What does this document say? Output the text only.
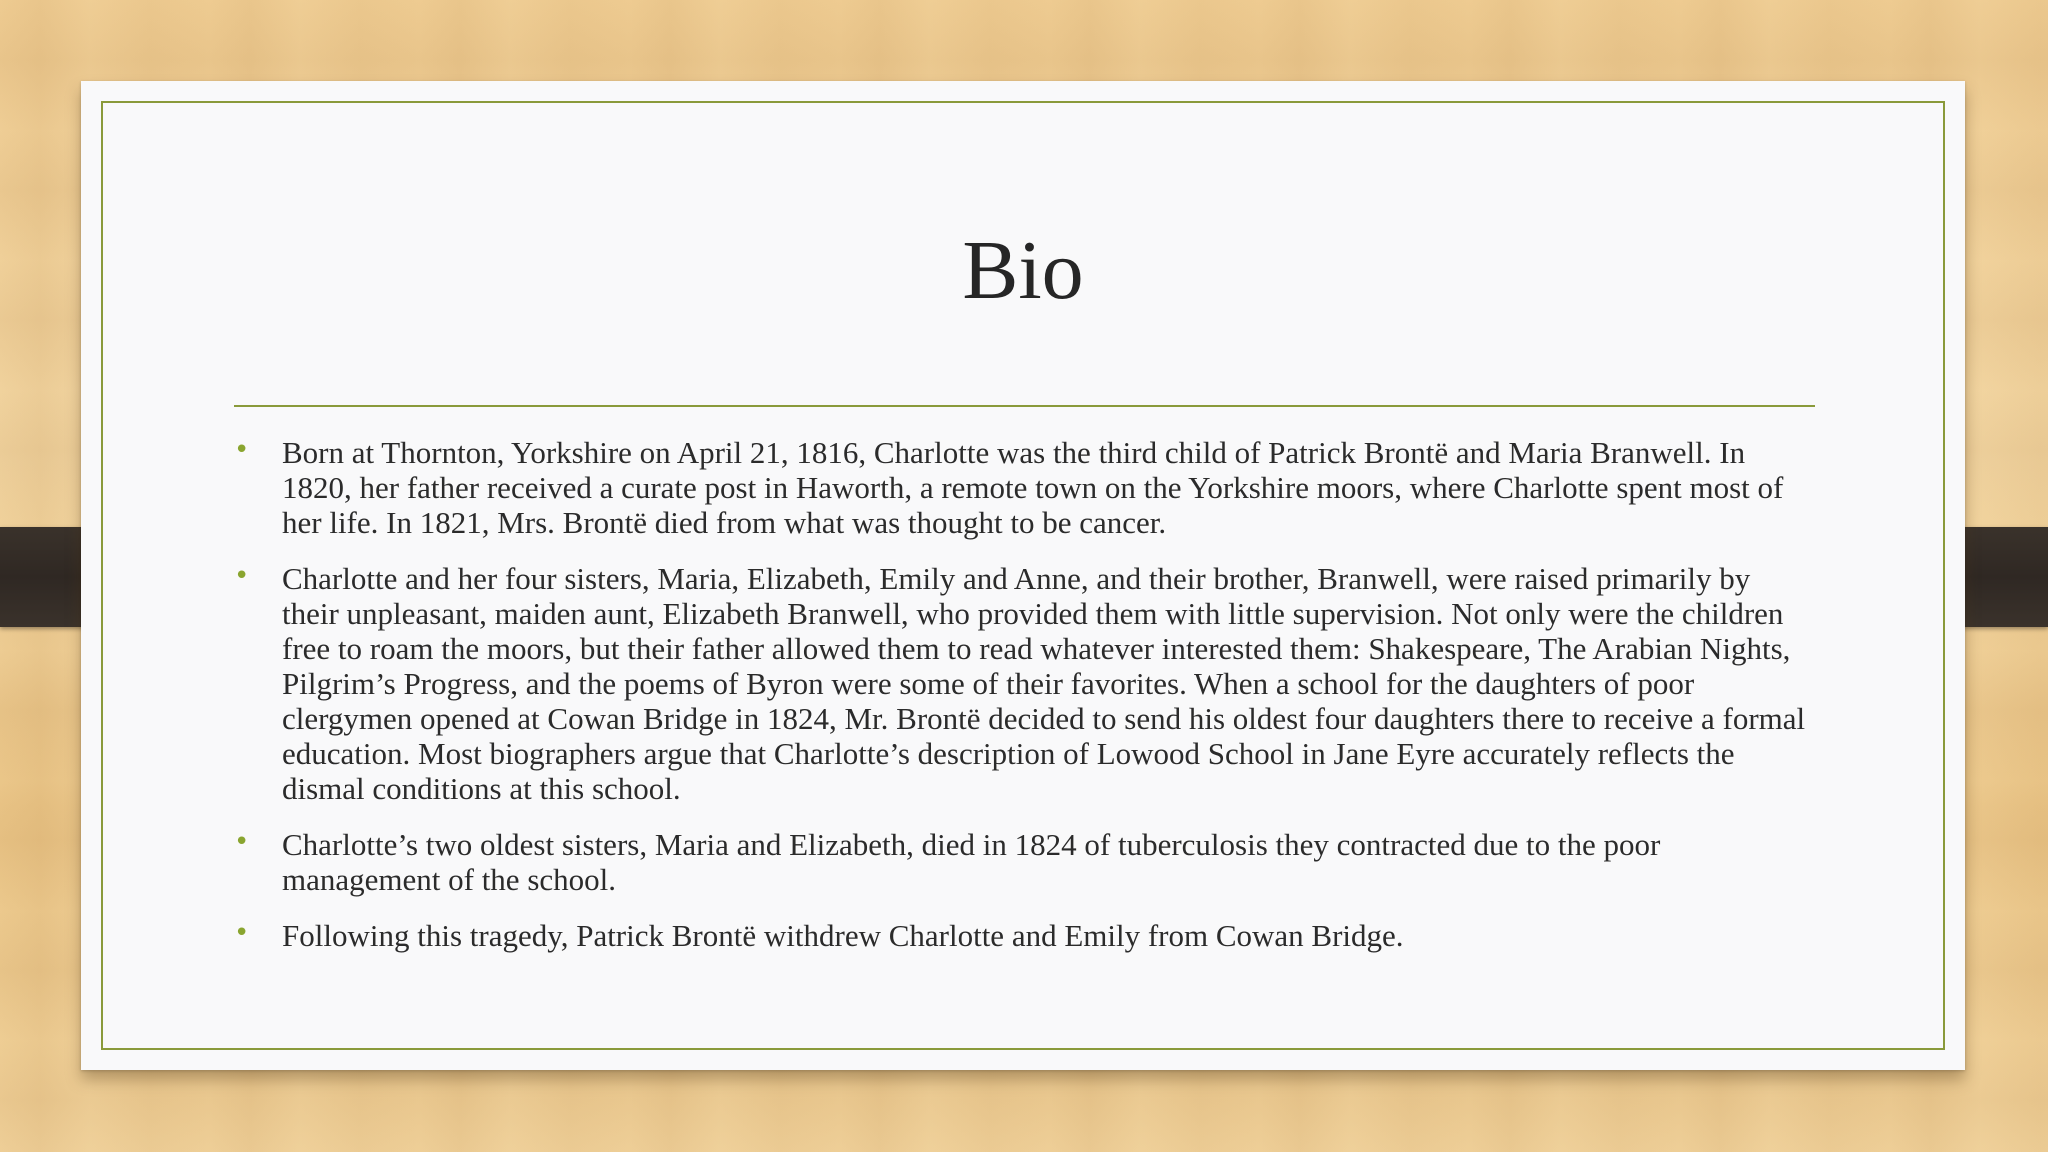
Bio
• Born at Thornton, Yorkshire on April 21, 1816, Charlotte was the third child of Patrick Brontë and Maria Branwell. In 1820, her father received a curate post in Haworth, a remote town on the Yorkshire moors, where Charlotte spent most of her life. In 1821, Mrs. Brontë died from what was thought to be cancer.
• Charlotte and her four sisters, Maria, Elizabeth, Emily and Anne, and their brother, Branwell, were raised primarily by their unpleasant, maiden aunt, Elizabeth Branwell, who provided them with little supervision. Not only were the children free to roam the moors, but their father allowed them to read whatever interested them: Shakespeare, The Arabian Nights, Pilgrim’s Progress, and the poems of Byron were some of their favorites. When a school for the daughters of poor clergymen opened at Cowan Bridge in 1824, Mr. Brontë decided to send his oldest four daughters there to receive a formal education. Most biographers argue that Charlotte’s description of Lowood School in Jane Eyre accurately reflects the dismal conditions at this school.
• Charlotte’s two oldest sisters, Maria and Elizabeth, died in 1824 of tuberculosis they contracted due to the poor management of the school.
• Following this tragedy, Patrick Brontë withdrew Charlotte and Emily from Cowan Bridge.
